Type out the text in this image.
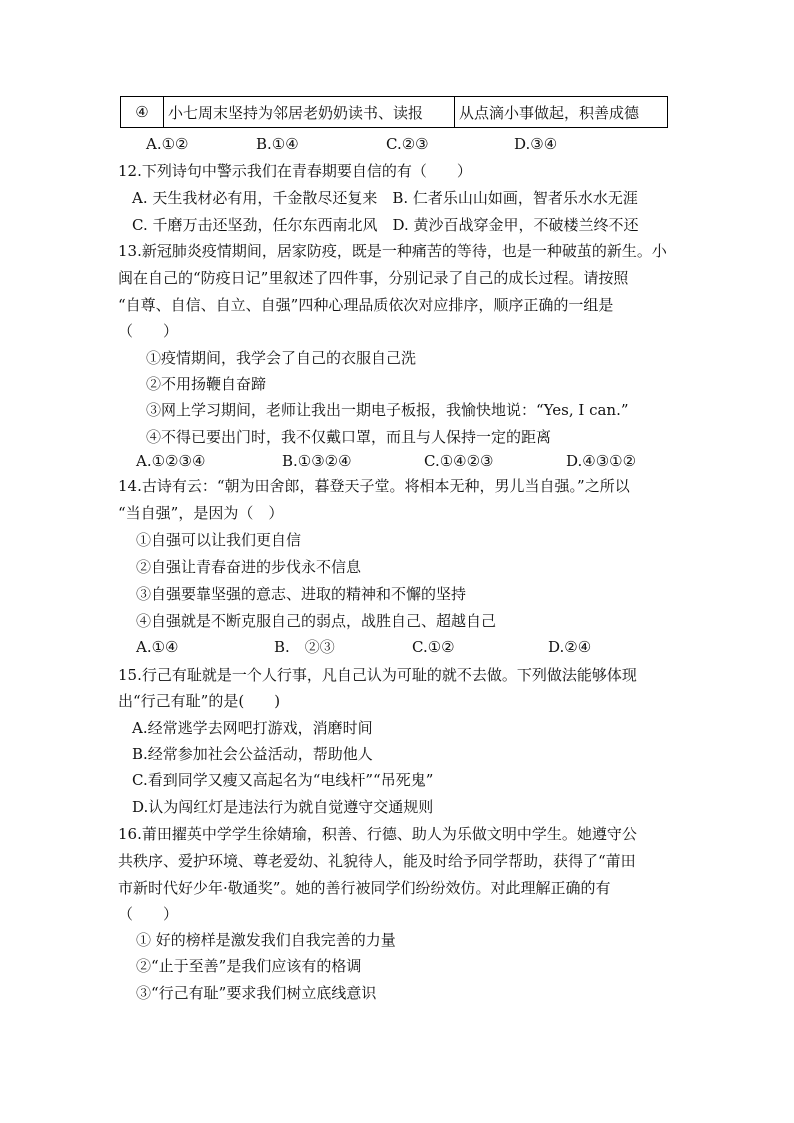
④	小七周末坚持为邻居老奶奶读书、读报	从点滴小事做起，积善成德
A.①②	B.①④	C.②③	D.③④
12.下列诗句中警示我们在青春期要自信的有（　　）
A. 天生我材必有用，千金散尽还复来　B. 仁者乐山山如画，智者乐水水无涯
C. 千磨万击还坚劲，任尔东西南北风　D. 黄沙百战穿金甲，不破楼兰终不还
13.新冠肺炎疫情期间，居家防疫，既是一种痛苦的等待，也是一种破茧的新生。小
闽在自己的“防疫日记”里叙述了四件事，分别记录了自己的成长过程。请按照
“自尊、自信、自立、自强”四种心理品质依次对应排序，顺序正确的一组是
（　　）
①疫情期间，我学会了自己的衣服自己洗
②不用扬鞭自奋蹄
③网上学习期间，老师让我出一期电子板报，我愉快地说：“Yes, I can.”
④不得已要出门时，我不仅戴口罩，而且与人保持一定的距离
A.①②③④	B.①③②④	C.①④②③	D.④③①②
14.古诗有云：“朝为田舍郎，暮登天子堂。将相本无种，男儿当自强。”之所以
“当自强”，是因为（　）
①自强可以让我们更自信
②自强让青春奋进的步伐永不信息
③自强要靠坚强的意志、进取的精神和不懈的坚持
④自强就是不断克服自己的弱点，战胜自己、超越自己
A.①④	B.　②③	C.①②	D.②④
15.行己有耻就是一个人行事，凡自己认为可耻的就不去做。下列做法能够体现
出“行己有耻”的是(　　)
A.经常逃学去网吧打游戏，消磨时间
B.经常参加社会公益活动，帮助他人
C.看到同学又瘦又高起名为“电线杆”“吊死鬼”
D.认为闯红灯是违法行为就自觉遵守交通规则
16.莆田擢英中学学生徐婧瑜，积善、行德、助人为乐做文明中学生。她遵守公
共秩序、爱护环境、尊老爱幼、礼貌待人，能及时给予同学帮助，获得了“莆田
市新时代好少年·敬通奖”。她的善行被同学们纷纷效仿。对此理解正确的有
（　　）
① 好的榜样是激发我们自我完善的力量
②“止于至善”是我们应该有的格调
③“行己有耻”要求我们树立底线意识
